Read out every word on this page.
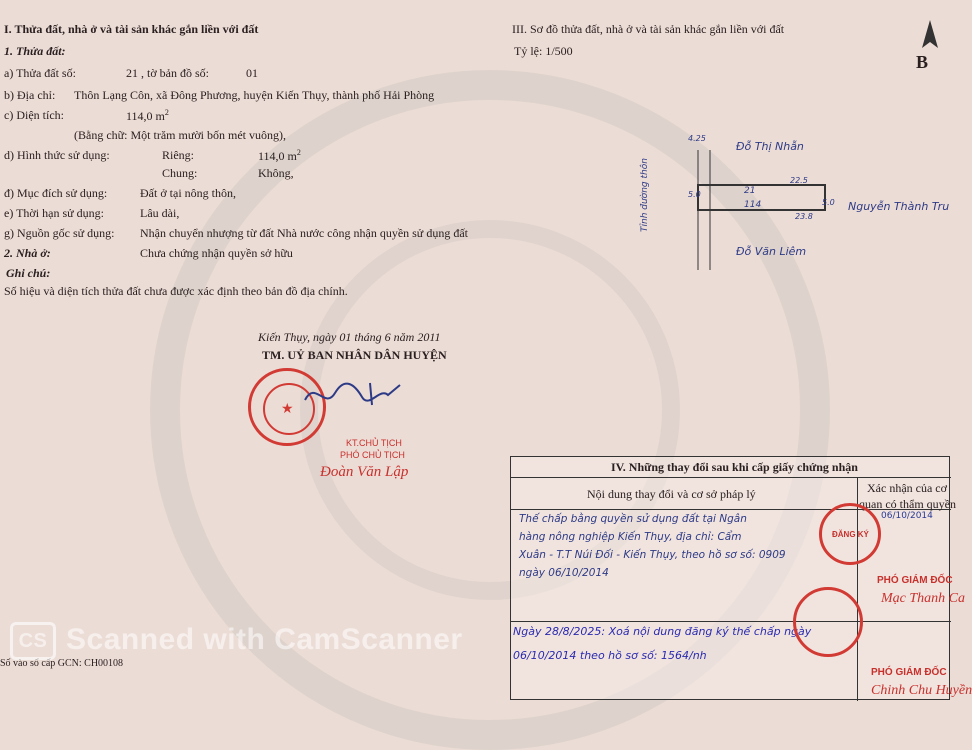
I. Thửa đất, nhà ở và tài sản khác gắn liền với đất
1. Thửa đất:
a) Thửa đất số:	21 , tờ bản đồ số:	01
b) Địa chỉ: Thôn Lạng Côn, xã Đông Phương, huyện Kiến Thụy, thành phố Hải Phòng
c) Diện tích:	114,0 $m^2$
(Bằng chữ: Một trăm mười bốn mét vuông),
d) Hình thức sử dụng:	Riêng:	114,0 $m^2$
Chung:	Không,
đ) Mục đích sử dụng:	Đất ở tại nông thôn,
e) Thời hạn sử dụng:	Lâu dài,
g) Nguồn gốc sử dụng: Nhận chuyển nhượng từ đất Nhà nước công nhận quyền sử dụng đất
2. Nhà ở:	Chưa chứng nhận quyền sở hữu
Ghi chú:
Số hiệu và diện tích thửa đất chưa được xác định theo bản đồ địa chính.
Kiến Thụy, ngày 01 tháng 6 năm 2011
TM. UỶ BAN NHÂN DÂN HUYỆN
★
KT.CHỦ TỊCH
PHÓ CHỦ TỊCH
Đoàn Văn Lập
Số vào sổ cấp GCN: CH00108
III. Sơ đồ thửa đất, nhà ở và tài sản khác gắn liền với đất
Tỷ lệ: 1/500
B
Đỗ Thị Nhẫn
Đỗ Văn Liêm
Nguyễn Thành Tru
Tỉnh đường thôn	21
114
22.5
23.8
5.0
5.0
4.25
IV. Những thay đổi sau khi cấp giấy chứng nhận
Nội dung thay đổi và cơ sở pháp lý	Xác nhận của cơ
quan có thẩm quyền
Thế chấp bằng quyền sử dụng đất tại Ngân
hàng nông nghiệp Kiến Thụy, địa chỉ: Cẩm
Xuân - T.T Núi Đối - Kiến Thụy, theo hồ sơ số: 0909
ngày 06/10/2014
06/10/2014
ĐĂNG KÝ
PHÓ GIÁM ĐỐC
Mạc Thanh Ca
Ngày 28/8/2025: Xoá nội dung đăng ký thế chấp ngày
06/10/2014 theo hồ sơ số: 1564/nh
PHÓ GIÁM ĐỐC
Chinh Chu Huyền
CS Scanned with CamScanner
